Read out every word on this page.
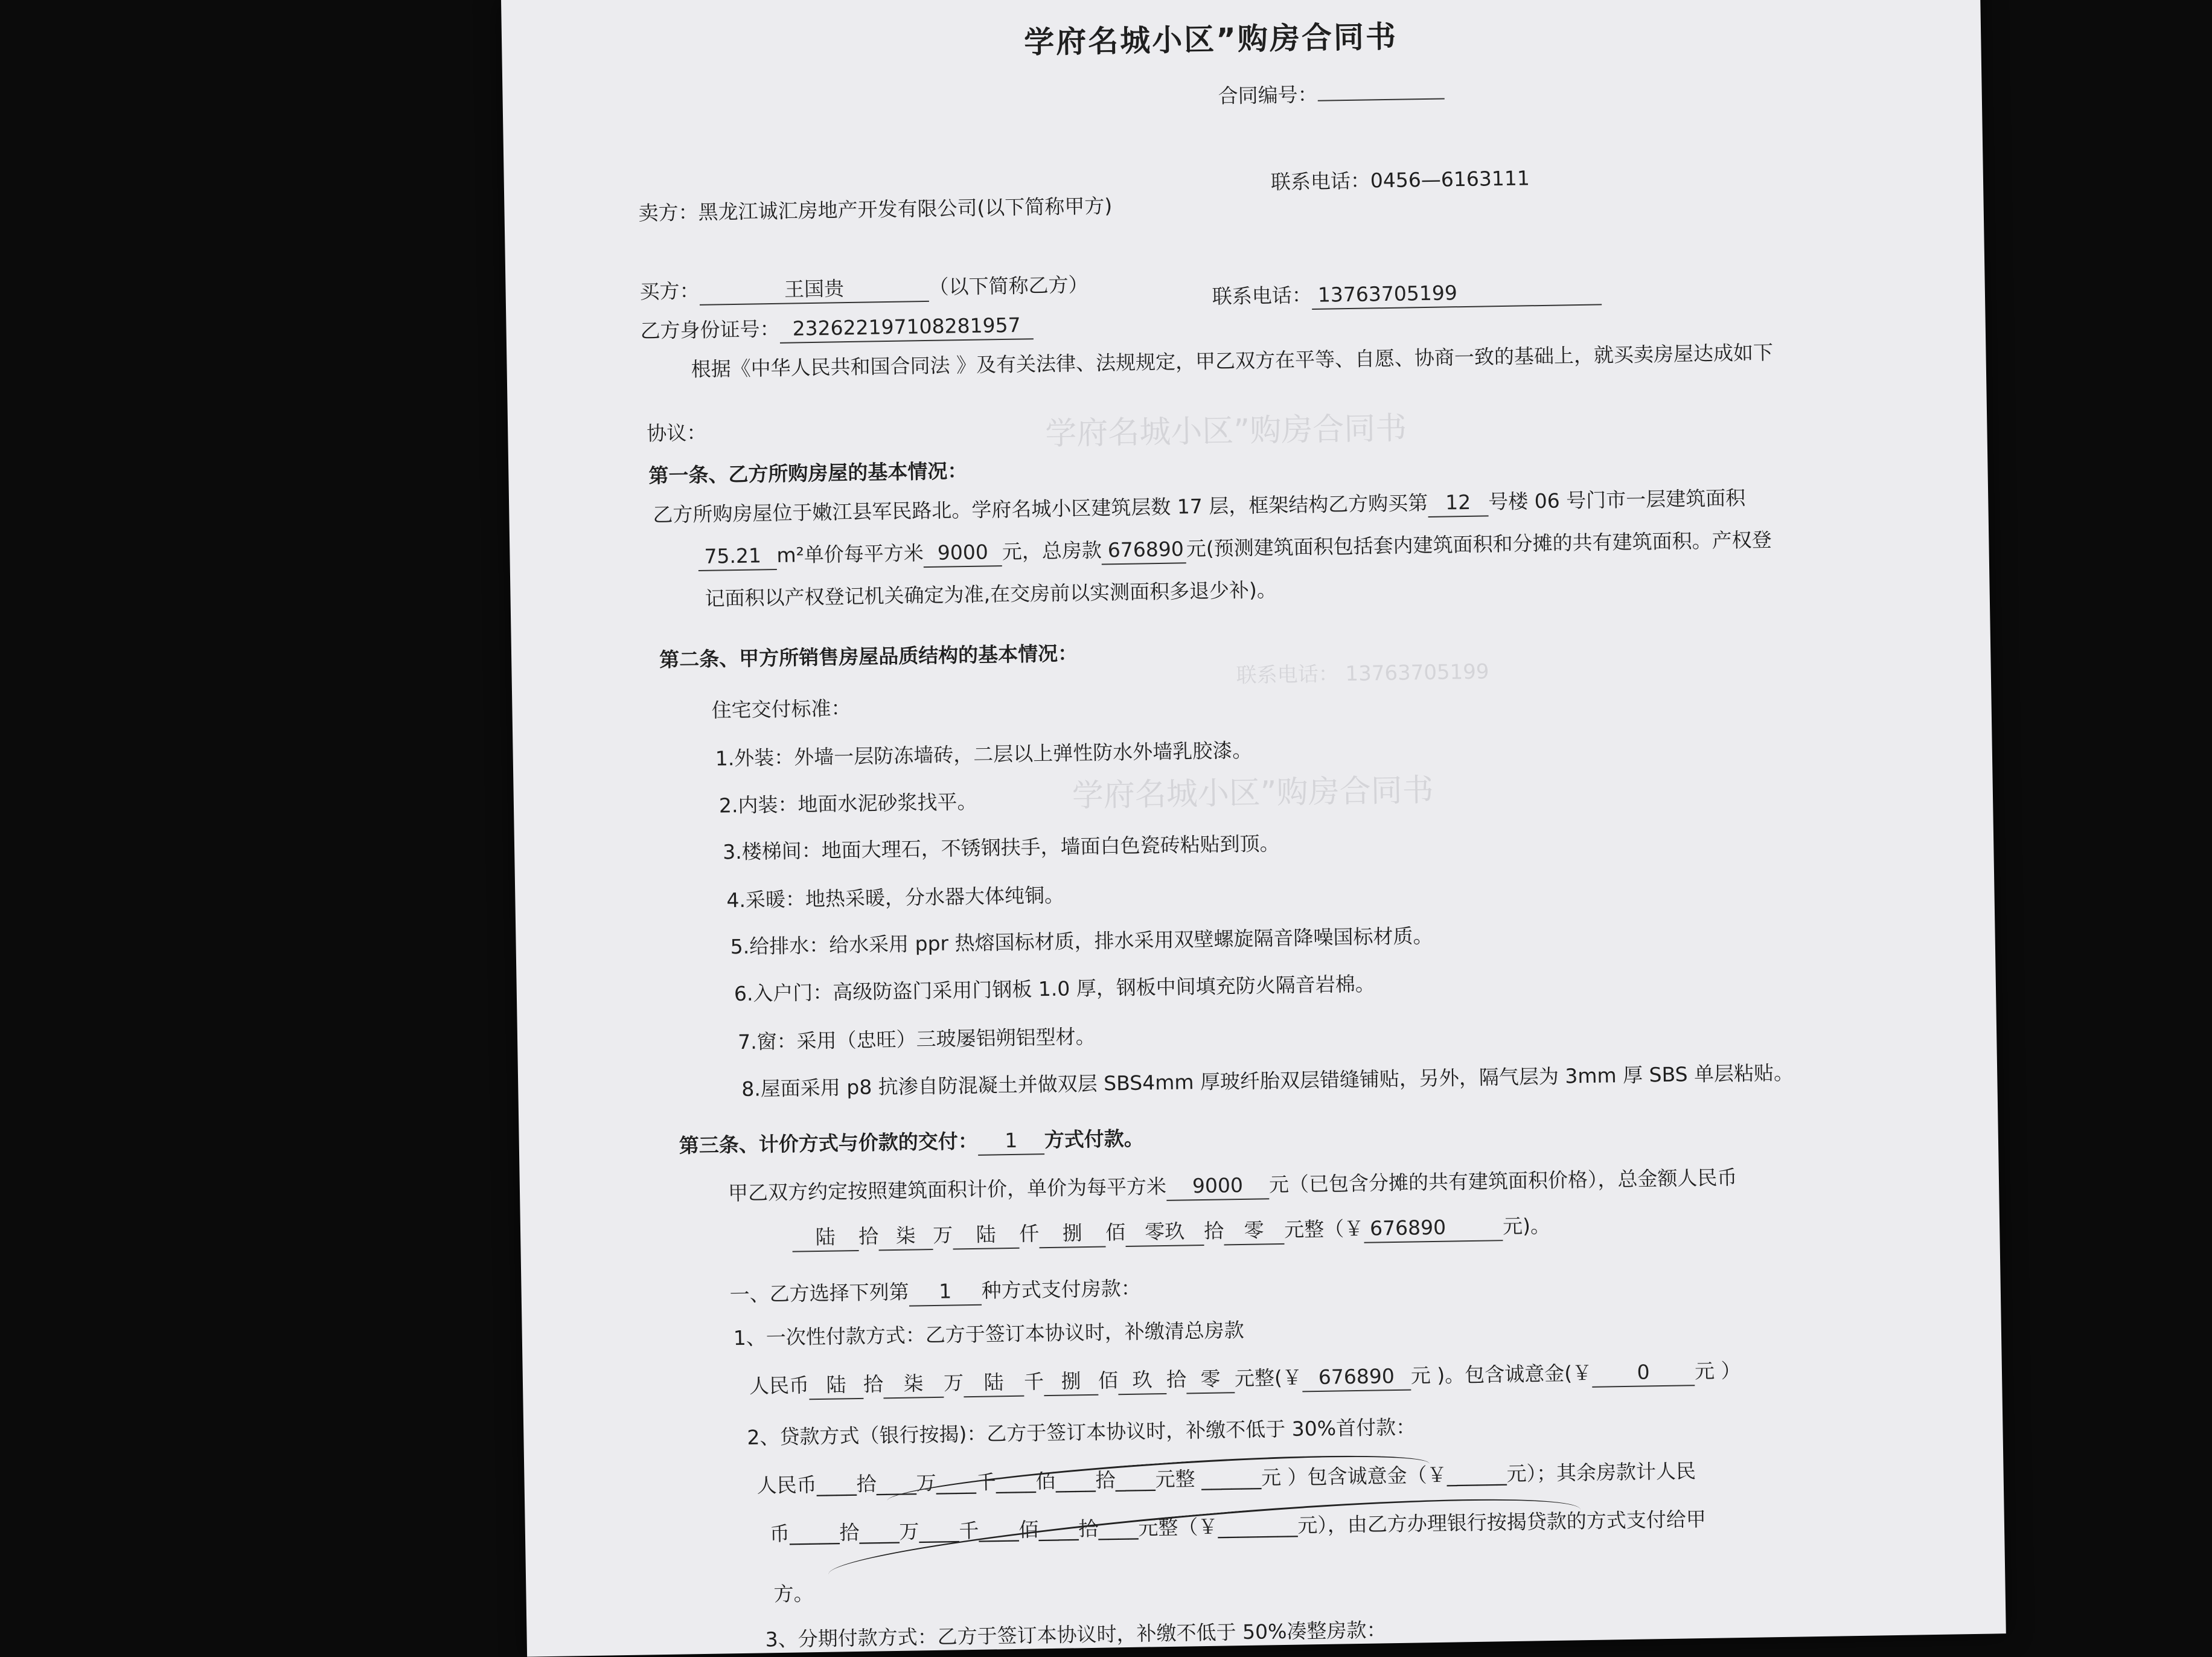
学府名城小区”购房合同书
联系电话： 13763705199
学府名城小区”购房合同书
学府名城小区”购房合同书
合同编号：
卖方：黑龙江诚汇房地产开发有限公司(以下简称甲方)
联系电话：0456—6163111
买方：	王国贵	（以下简称乙方）
乙方身份证号： 232622197108281957
联系电话： 13763705199
根据《中华人民共和国合同法 》及有关法律、法规规定，甲乙双方在平等、自愿、协商一致的基础上，就买卖房屋达成如下
协议：
第一条、乙方所购房屋的基本情况：
乙方所购房屋位于嫩江县军民路北。学府名城小区建筑层数 17 层，框架结构乙方购买第 12 号楼 06 号门市一层建筑面积
75.21 m²单价每平方米 9000 元，总房款 676890 元(预测建筑面积包括套内建筑面积和分摊的共有建筑面积。产权登
记面积以产权登记机关确定为准,在交房前以实测面积多退少补)。
第二条、甲方所销售房屋品质结构的基本情况：
住宅交付标准：
1.外装：外墙一层防冻墙砖，二层以上弹性防水外墙乳胶漆。
2.内装：地面水泥砂浆找平。
3.楼梯间：地面大理石，不锈钢扶手，墙面白色瓷砖粘贴到顶。
4.采暖：地热采暖，分水器大体纯铜。
5.给排水：给水采用 ppr 热熔国标材质，排水采用双壁螺旋隔音降噪国标材质。
6.入户门：高级防盗门采用门钢板 1.0 厚，钢板中间填充防火隔音岩棉。
7.窗：采用（忠旺）三玻屡铝朔铝型材。
8.屋面采用 p8 抗渗自防混凝土并做双层 SBS4mm 厚玻纤胎双层错缝铺贴，另外，隔气层为 3mm 厚 SBS 单层粘贴。
第三条、计价方式与价款的交付： 1 方式付款。
甲乙双方约定按照建筑面积计价，单价为每平方米 9000 元（已包含分摊的共有建筑面积价格），总金额人民币
陆 拾 柒 万 陆 仟 捌 佰 零玖 拾 零 元整（￥ 676890	元)。
一、乙方选择下列第 1 种方式支付房款：
1、一次性付款方式：乙方于签订本协议时，补缴清总房款
人民币 陆 拾 柒 万 陆 千 捌 佰 玖 拾 零 元整(￥ 676890 元 )。包含诚意金(￥ 0 元 ）
2、贷款方式（银行按揭)：乙方于签订本协议时，补缴不低于 30%首付款：
人民币____拾____万____千____佰____拾____元整 ______元 ）包含诚意金（￥______元）；其余房款计人民
币_____拾____万____千____佰____拾____元整（￥________元），由乙方办理银行按揭贷款的方式支付给甲
方。
3、分期付款方式：乙方于签订本协议时，补缴不低于 50%凑整房款：
